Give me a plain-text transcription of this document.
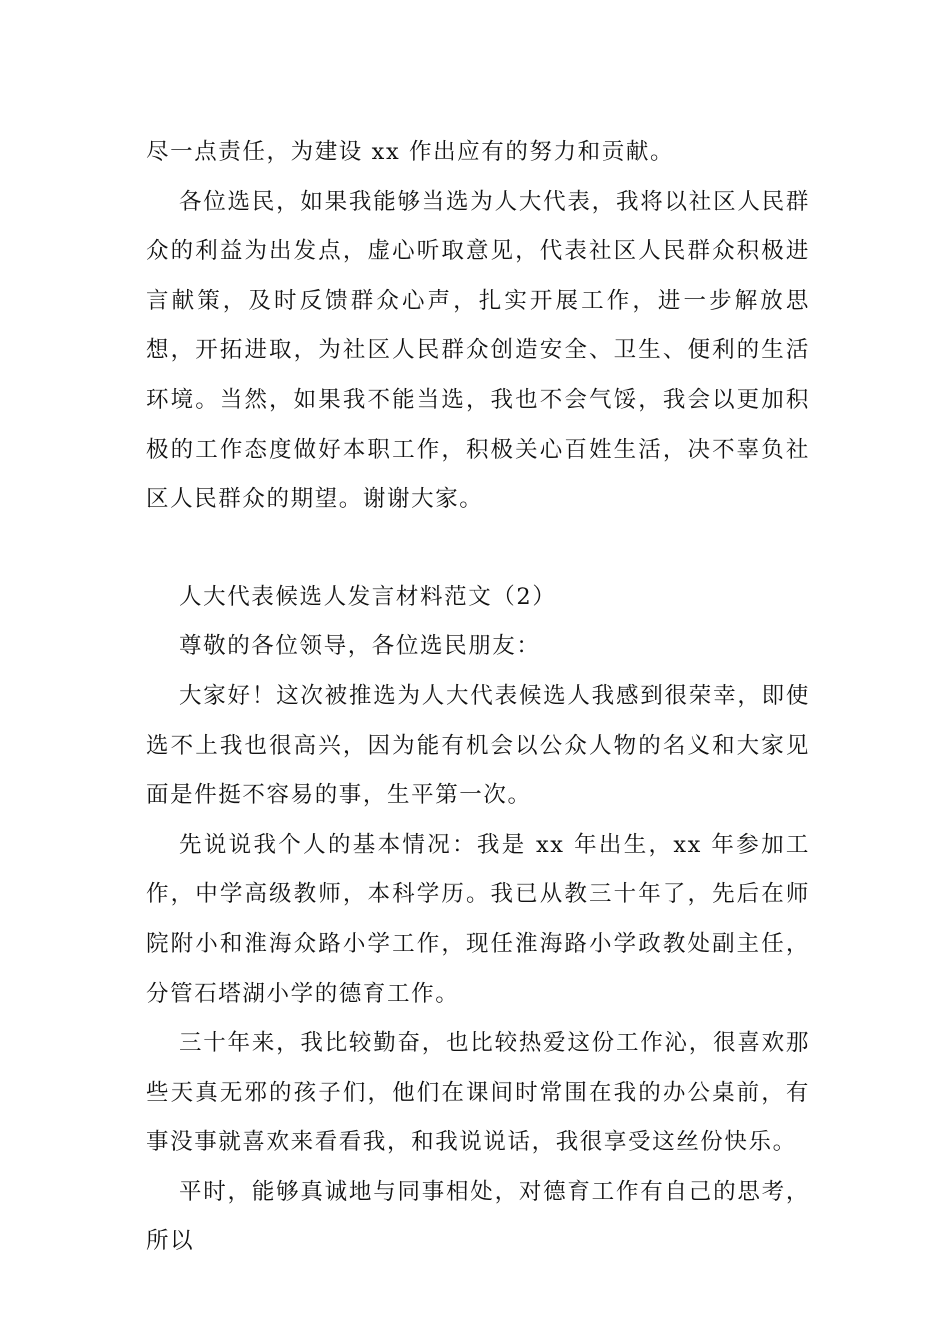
尽一点责任，为建设 xx 作出应有的努力和贡献。

各位选民，如果我能够当选为人大代表，我将以社区人民群众的利益为出发点，虚心听取意见，代表社区人民群众积极进言献策，及时反馈群众心声，扎实开展工作，进一步解放思想，开拓进取，为社区人民群众创造安全、卫生、便利的生活环境。当然，如果我不能当选，我也不会气馁，我会以更加积极的工作态度做好本职工作，积极关心百姓生活，决不辜负社区人民群众的期望。谢谢大家。

人大代表候选人发言材料范文（2）

尊敬的各位领导，各位选民朋友：

大家好！这次被推选为人大代表候选人我感到很荣幸，即使选不上我也很高兴，因为能有机会以公众人物的名义和大家见面是件挺不容易的事，生平第一次。

先说说我个人的基本情况：我是 xx 年出生，xx 年参加工作，中学高级教师，本科学历。我已从教三十年了，先后在师院附小和淮海众路小学工作，现任淮海路小学政教处副主任，分管石塔湖小学的德育工作。

三十年来，我比较勤奋，也比较热爱这份工作沁，很喜欢那些天真无邪的孩子们，他们在课间时常围在我的办公桌前，有事没事就喜欢来看看我，和我说说话，我很享受这丝份快乐。

平时，能够真诚地与同事相处，对德育工作有自己的思考，所以
